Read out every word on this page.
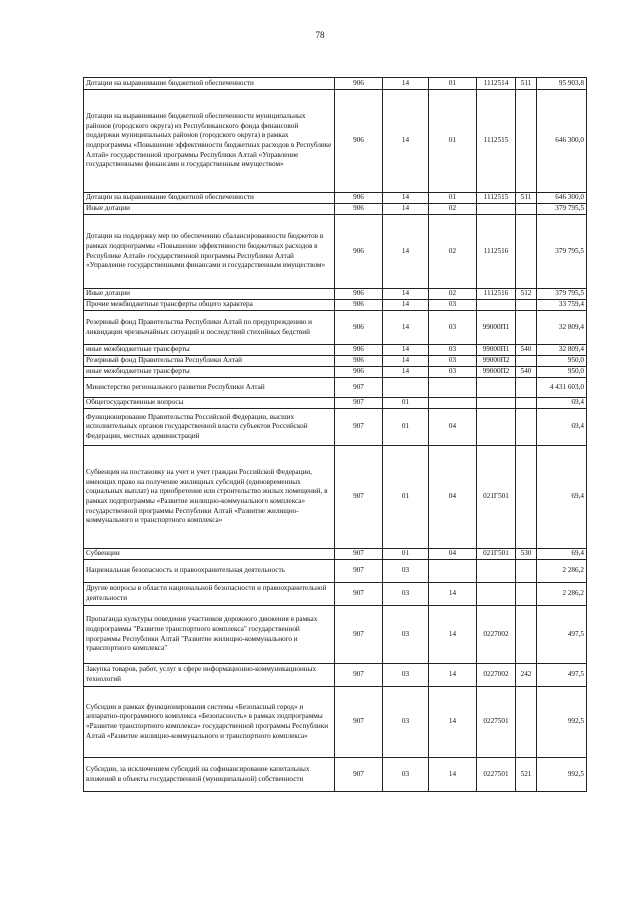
78
Дотации на выравнивание бюджетной обеспеченности	906	14	01	1112514	511	95 903,8
Дотации на выравнивание бюджетной обеспеченности муниципальных районов (городского округа) из Республиканского фонда финансовой поддержки муниципальных районов (городского округа) в рамках подпрограммы «Повышение эффективности бюджетных расходов в Республике Алтай» государственной программы Республики Алтай «Управление государственными финансами и государственным имуществом»	906	14	01	1112515		646 300,0
Дотации на выравнивание бюджетной обеспеченности	906	14	01	1112515	511	646 300,0
Иные дотации	906	14	02			379 795,5
Дотации на поддержку мер по обеспечению сбалансированности бюджетов в рамках подпрограммы «Повышение эффективности бюджетных расходов в Республике Алтай» государственной программы Республики Алтай «Управление государственными финансами и государственным имуществом»	906	14	02	1112516		379 795,5
Иные дотации	906	14	02	1112516	512	379 795,5
Прочие межбюджетные трансферты общего характера	906	14	03			33 759,4
Резервный фонд Правительства Республики Алтай по предупреждению и ликвидации чрезвычайных ситуаций и последствий стихийных бедствий	906	14	03	99000П1		32 809,4
иные межбюджетные трансферты	906	14	03	99000П1	540	32 809,4
Резервный фонд Правительства Республики Алтай	906	14	03	99000П2		950,0
иные межбюджетные трансферты	906	14	03	99000П2	540	950,0
Министерство регионального развития Республики Алтай	907					4 431 603,0
Общегосударственные вопросы	907	01				69,4
Функционирование Правительства Российской Федерации, высших исполнительных органов государственной власти субъектов Российской Федерации, местных администраций	907	01	04			69,4
Субвенция на постановку на учет и учет граждан Российской Федерации, имеющих право на получение жилищных субсидий (единовременных социальных выплат) на приобретение или строительство жилых помещений, в рамках подпрограммы «Развитие жилищно-коммунального комплекса» государственной программы Республики Алтай «Развитие жилищно-коммунального и транспортного комплекса»	907	01	04	021Г501		69,4
Субвенции	907	01	04	021Г501	530	69,4
Национальная безопасность и правоохранительная деятельность	907	03				2 286,2
Другие вопросы в области национальной безопасности и правоохранительной деятельности	907	03	14			2 286,2
Пропаганда культуры поведения участников дорожного движения в рамках подпрограммы "Развитие транспортного комплекса" государственной программы Республики Алтай "Развитие жилищно-коммунального и транспортного комплекса"	907	03	14	0227002		497,5
Закупка товаров, работ, услуг в сфере информационно-коммуникационных технологий	907	03	14	0227002	242	497,5
Субсидии в рамках функционирования системы «Безопасный город» и аппаратно-программного комплекса «Безопасность» в рамках подпрограммы «Развитие транспортного комплекса» государственной программы Республики Алтай «Развитие жилищно-коммунального и транспортного комплекса»	907	03	14	0227501		992,5
Субсидии, за исключением субсидий на софинансирование капитальных вложений в объекты государственной (муниципальной) собственности	907	03	14	0227501	521	992,5
